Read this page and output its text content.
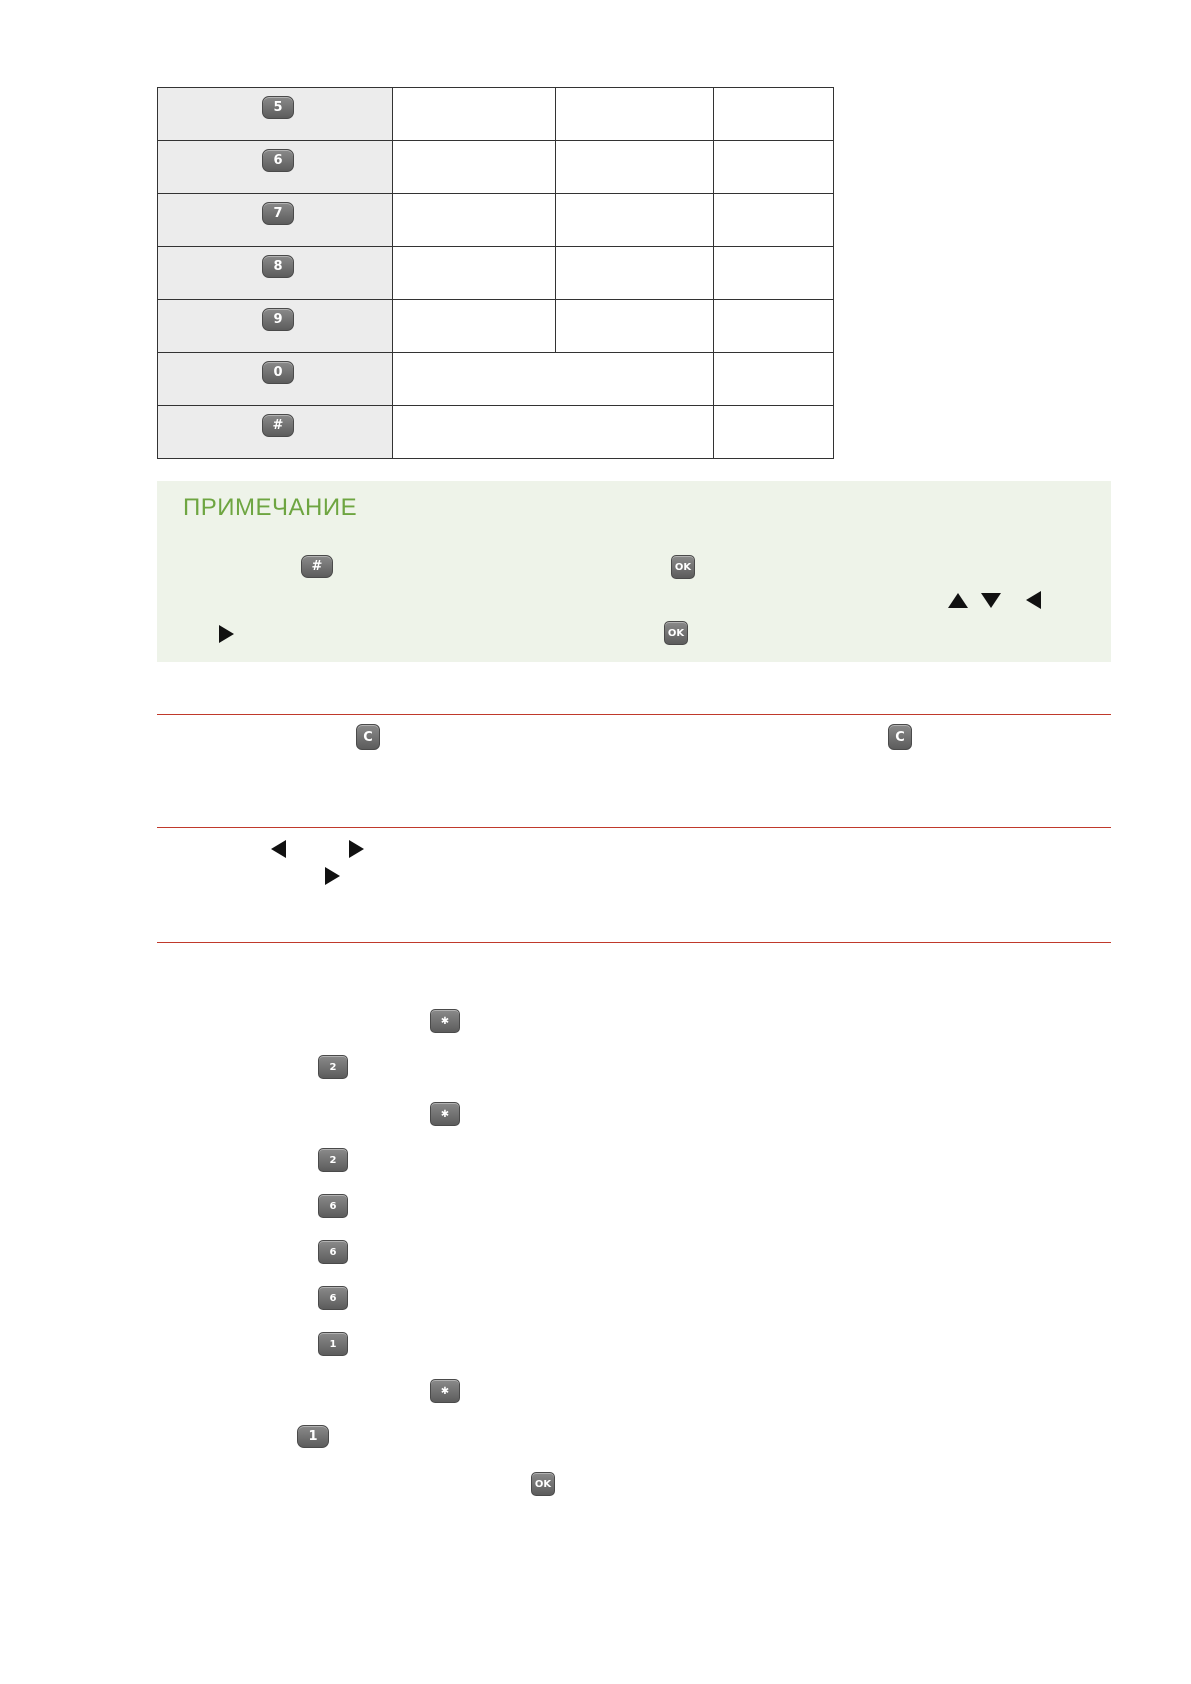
5			

6			

7			

8			

9			

0			

#			

ПРИМЕЧАНИЕ
#	OK
OK
C	C
✱
2
✱
2
6
6
6
1
✱
1
OK
